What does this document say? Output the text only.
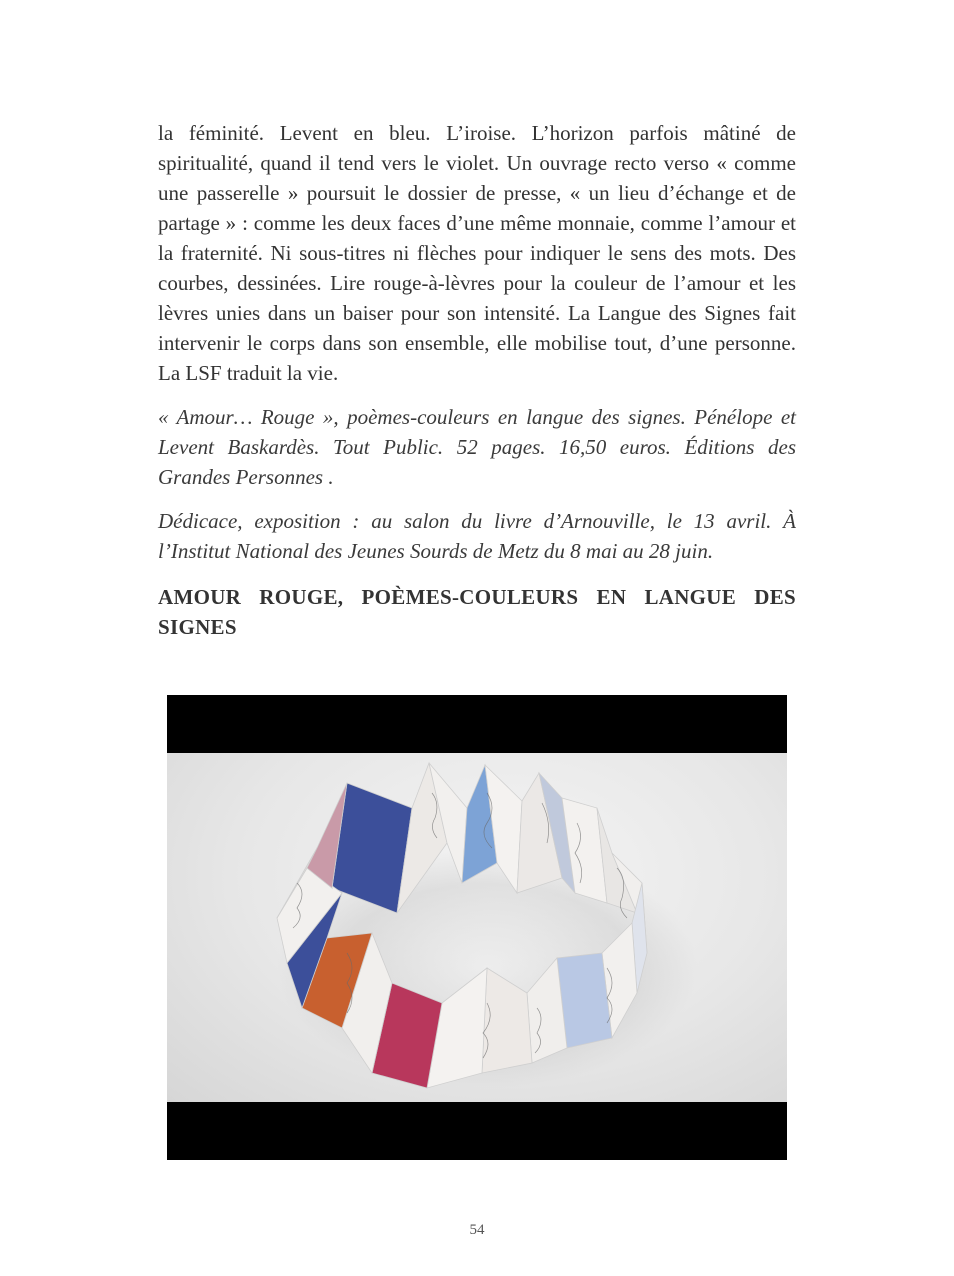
la féminité. Levent en bleu. L’iroise. L’horizon parfois mâtiné de spiritualité, quand il tend vers le violet. Un ouvrage recto verso « comme une passerelle » poursuit le dossier de presse, « un lieu d’échange et de partage » : comme les deux faces d’une même monnaie, comme l’amour et la fraternité. Ni sous-titres ni flèches pour indiquer le sens des mots. Des courbes, dessinées. Lire rouge-à-lèvres pour la couleur de l’amour et les lèvres unies dans un baiser pour son intensité. La Langue des Signes fait intervenir le corps dans son ensemble, elle mobilise tout, d’une personne. La LSF traduit la vie.

« Amour… Rouge », poèmes-couleurs en langue des signes. Pénélope et Levent Baskardès. Tout Public. 52 pages. 16,50 euros. Éditions des Grandes Personnes .

Dédicace, exposition : au salon du livre d’Arnouville, le 13 avril. À l’Institut National des Jeunes Sourds de Metz du 8 mai au 28 juin.

AMOUR ROUGE, POÈMES-COULEURS EN LANGUE DES SIGNES
54
